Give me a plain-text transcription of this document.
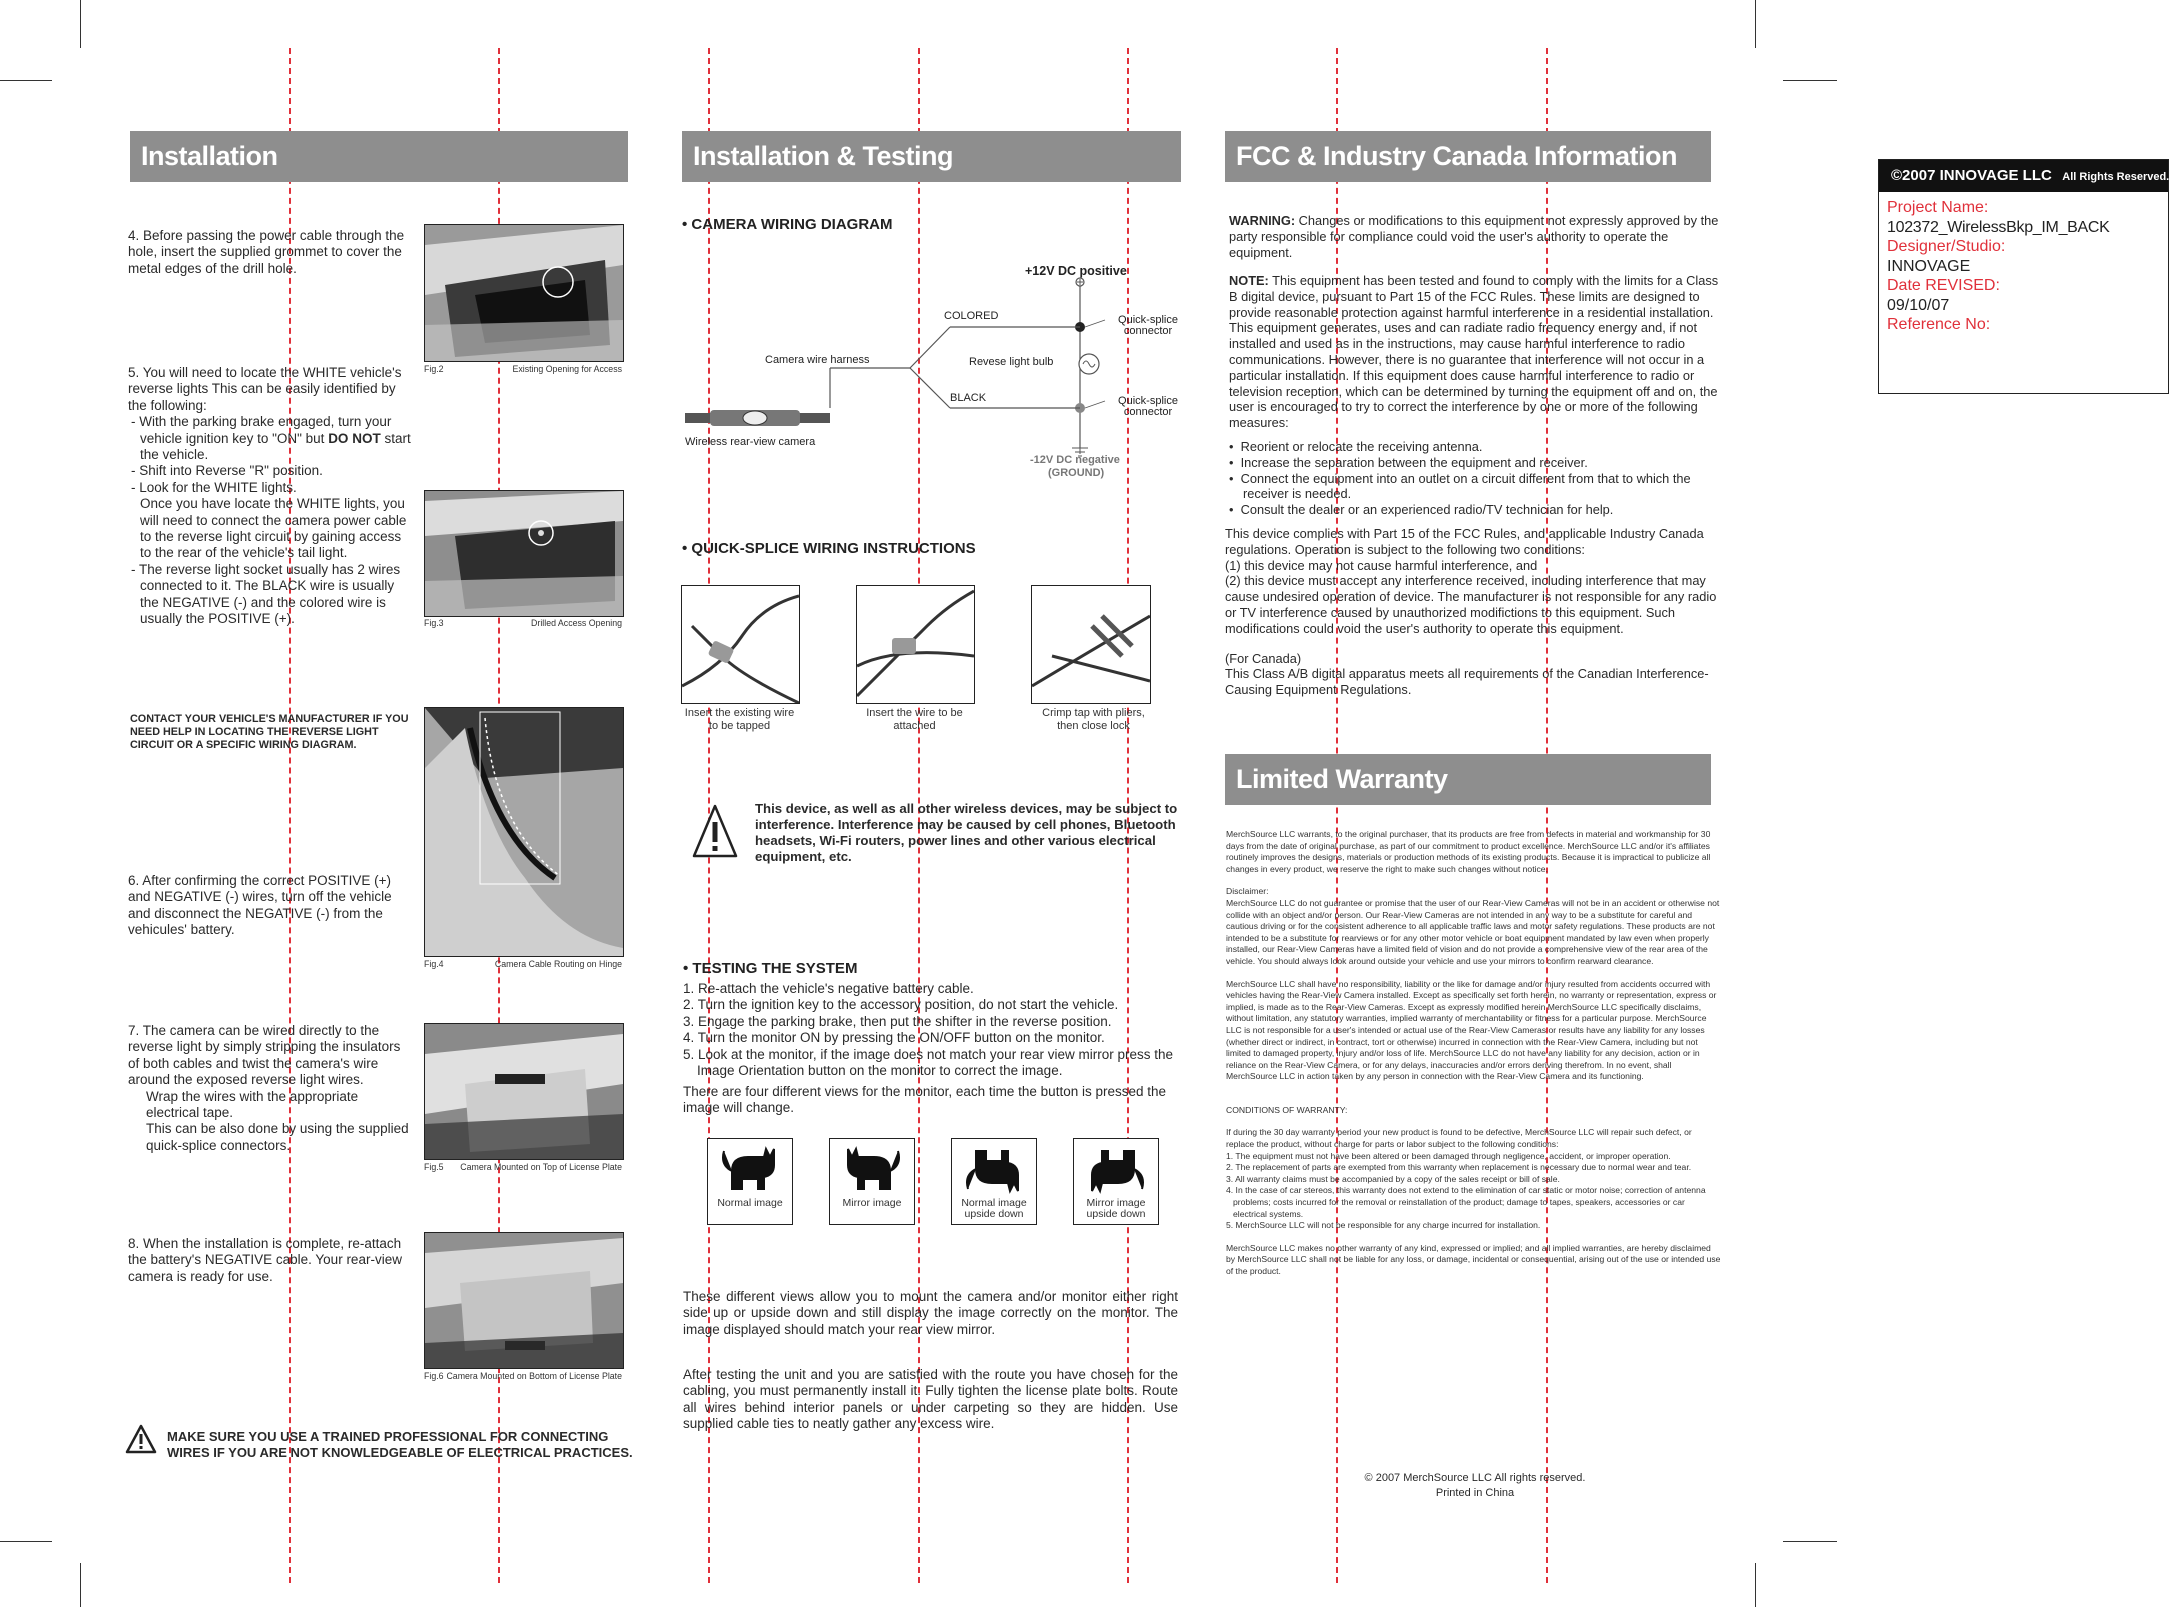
Installation
4. Before passing the power cable through the hole, insert the supplied grommet to cover the metal edges of the drill hole.
Fig.2	Existing Opening for Access

5. You will need to locate the WHITE vehicle's reverse lights This can be easily identified by the following:

- With the parking brake engaged, turn your vehicle ignition key to "ON" but DO NOT start the vehicle.

- Shift into Reverse "R" position.

- Look for the WHITE lights.

Once you have locate the WHITE lights, you will need to connect the camera power cable to the reverse light circuit by gaining access to the rear of the vehicle's tail light.

- The reverse light socket usually has 2 wires connected to it. The BLACK wire is usually the NEGATIVE (-) and the colored wire is usually the POSITIVE (+).	Fig.3	Drilled Access Opening
CONTACT YOUR VEHICLE'S MANUFACTURER IF YOU NEED HELP IN LOCATING THE REVERSE LIGHT CIRCUIT OR A SPECIFIC WIRING DIAGRAM.
Fig.4	Camera Cable Routing on Hinge
6. After confirming the correct POSITIVE (+) and NEGATIVE (-) wires, turn off the vehicle and disconnect the NEGATIVE (-) from the vehicules' battery.

7. The camera can be wired directly to the reverse light by simply stripping the insulators of both cables and twist the camera's wire around the exposed reverse light wires.

Wrap the wires with the appropriate electrical tape.

This can be also done by using the supplied quick-splice connectors.

Fig.5 Camera Mounted on Top of License Plate
8. When the installation is complete, re-attach the battery's NEGATIVE cable. Your rear-view camera is ready for use.
Fig.6 Camera Mounted on Bottom of License Plate
MAKE SURE YOU USE A TRAINED PROFESSIONAL FOR CONNECTING WIRES IF YOU ARE NOT KNOWLEDGEABLE OF ELECTRICAL PRACTICES.
Installation & Testing
• CAMERA WIRING DIAGRAM
+12V DC positive
COLORED
Camera wire harness	Revese light bulb
Quick-splice connector
BLACK	Quick-splice connector
Wireless rear-view camera
-12V DC negative
(GROUND)
• QUICK-SPLICE WIRING INSTRUCTIONS
Insert the existing wire to be tapped
Insert the wire to be attached
Crimp tap with pliers, then close lock
This device, as well as all other wireless devices, may be subject to interference. Interference may be caused by cell phones, Bluetooth headsets, Wi-Fi routers, power lines and other various electrical equipment, etc.
• TESTING THE SYSTEM

1. Re-attach the vehicle's negative battery cable.

2. Turn the ignition key to the accessory position, do not start the vehicle.

3. Engage the parking brake, then put the shifter in the reverse position.

4. Turn the monitor ON by pressing the ON/OFF button on the monitor.

5. Look at the monitor, if the image does not match your rear view mirror press the Image Orientation button on the monitor to correct the image.

There are four different views for the monitor, each time the button is pressed the image will change.
Normal image	Mirror image	Normal image upside down
Mirror image upside down
These different views allow you to mount the camera and/or monitor either right side up or upside down and still display the image correctly on the monitor. The image displayed should match your rear view mirror.
After testing the unit and you are satisfied with the route you have chosen for the cabling, you must permanently install it. Fully tighten the license plate bolts. Route all wires behind interior panels or under carpeting so they are hidden. Use supplied cable ties to neatly gather any excess wire.
FCC & Industry Canada Information
WARNING: Changes or modifications to this equipment not expressly approved by the party responsible for compliance could void the user's authority to operate the equipment.
NOTE: This equipment has been tested and found to comply with the limits for a Class B digital device, pursuant to Part 15 of the FCC Rules. These limits are designed to provide reasonable protection against harmful interference in a residential installation. This equipment generates, uses and can radiate radio frequency energy and, if not installed and used as in the instructions, may cause harmful interference to radio communications. However, there is no guarantee that interference will not occur in a particular installation. If this equipment does cause harmful interference to radio or television reception, which can be determined by turning the equipment off and on, the user is encouraged to try to correct the interference by one or more of the following measures:

•  Reorient or relocate the receiving antenna.

•  Increase the separation between the equipment and receiver.

•  Connect the equipment into an outlet on a circuit different from that to which the receiver is needed.

•  Consult the dealer or an experienced radio/TV technician for help.

This device complies with Part 15 of the FCC Rules, and applicable Industry Canada regulations. Operation is subject to the following two conditions:

(1) this device may not cause harmful interference, and

(2) this device must accept any interference received, including interference that may cause undesired operation of device. The manufacturer is not responsible for any radio or TV interference caused by unauthorized modifictions to this equipment. Such modifications could void the user's authority to operate this equipment.

(For Canada)

This Class A/B digital apparatus meets all requirements of the Canadian Interference-Causing Equipment Regulations.

Limited Warranty

MerchSource LLC warrants, to the original purchaser, that its products are free from defects in material and workmanship for 30 days from the date of original purchase, as part of our commitment to product excellence. MerchSource LLC and/or it's affiliates routinely improves the designs, materials or production methods of its existing products. Because it is impractical to publicize all changes in every product, we reserve the right to make such changes without notice.

Disclaimer:

MerchSource LLC do not guarantee or promise that the user of our Rear-View Cameras will not be in an accident or otherwise not collide with an object and/or person. Our Rear-View Cameras are not intended in any way to be a substitute for careful and cautious driving or for the consistent adherence to all applicable traffic laws and motor safety regulations. These products are not intended to be a substitute for rearviews or for any other motor vehicle or boat equipment mandated by law even when properly installed, our Rear-View Cameras have a limited field of vision and do not provide a comprehensive view of the rear area of the vehicle. You should always look around outside your vehicle and use your mirrors to confirm rearward clearance.

MerchSource LLC shall have no responsibility, liability or the like for damage and/or injury resulted from accidents occurred with vehicles having the Rear-View Camera installed. Except as specifically set forth herein, no warranty or representation, express or implied, is made as to the Rear-View Cameras. Except as expressly modified herein MerchSource LLC specifically disclaims, without limitation, any statutory warranties, implied warranty of merchantability or fitness for a particular purpose. MerchSource LLC is not responsible for a user's intended or actual use of the Rear-View Cameras or results have any liability for any losses (whether direct or indirect, in contract, tort or otherwise) incurred in connection with the Rear-View Camera, including but not limited to damaged property, injury and/or loss of life. MerchSource LLC do not have any liability for any decision, action or in reliance on the Rear-View Camera, or for any delays, inaccuracies and/or errors deriving therefrom. In no event, shall MerchSource LLC in action taken by any person in connection with the Rear-View Camera and its functioning.

CONDITIONS OF WARRANTY:

If during the 30 day warranty period your new product is found to be defective, MerchSource LLC will repair such defect, or replace the product, without charge for parts or labor subject to the following conditions:

1. The equipment must not have been altered or been damaged through negligence, accident, or improper operation.

2. The replacement of parts are exempted from this warranty when replacement is necessary due to normal wear and tear.

3. All warranty claims must be accompanied by a copy of the sales receipt or bill of sale.

4. In the case of car stereos, this warranty does not extend to the elimination of car static or motor noise; correction of antenna problems; costs incurred for the removal or reinstallation of the product; damage to tapes, speakers, accessories or car electrical systems.

5. MerchSource LLC will not be responsible for any charge incurred for installation.

MerchSource LLC makes no other warranty of any kind, expressed or implied; and all implied warranties, are hereby disclaimed by MerchSource LLC shall not be liable for any loss, or damage, incidental or consequential, arising out of the use or intended use of the product.

© 2007 MerchSource LLC All rights reserved.

Printed in China

©2007 INNOVAGE LLC All Rights Reserved.
Project Name:
102372_WirelessBkp_IM_BACK
Designer/Studio:
INNOVAGE
Date REVISED:
09/10/07
Reference No:
